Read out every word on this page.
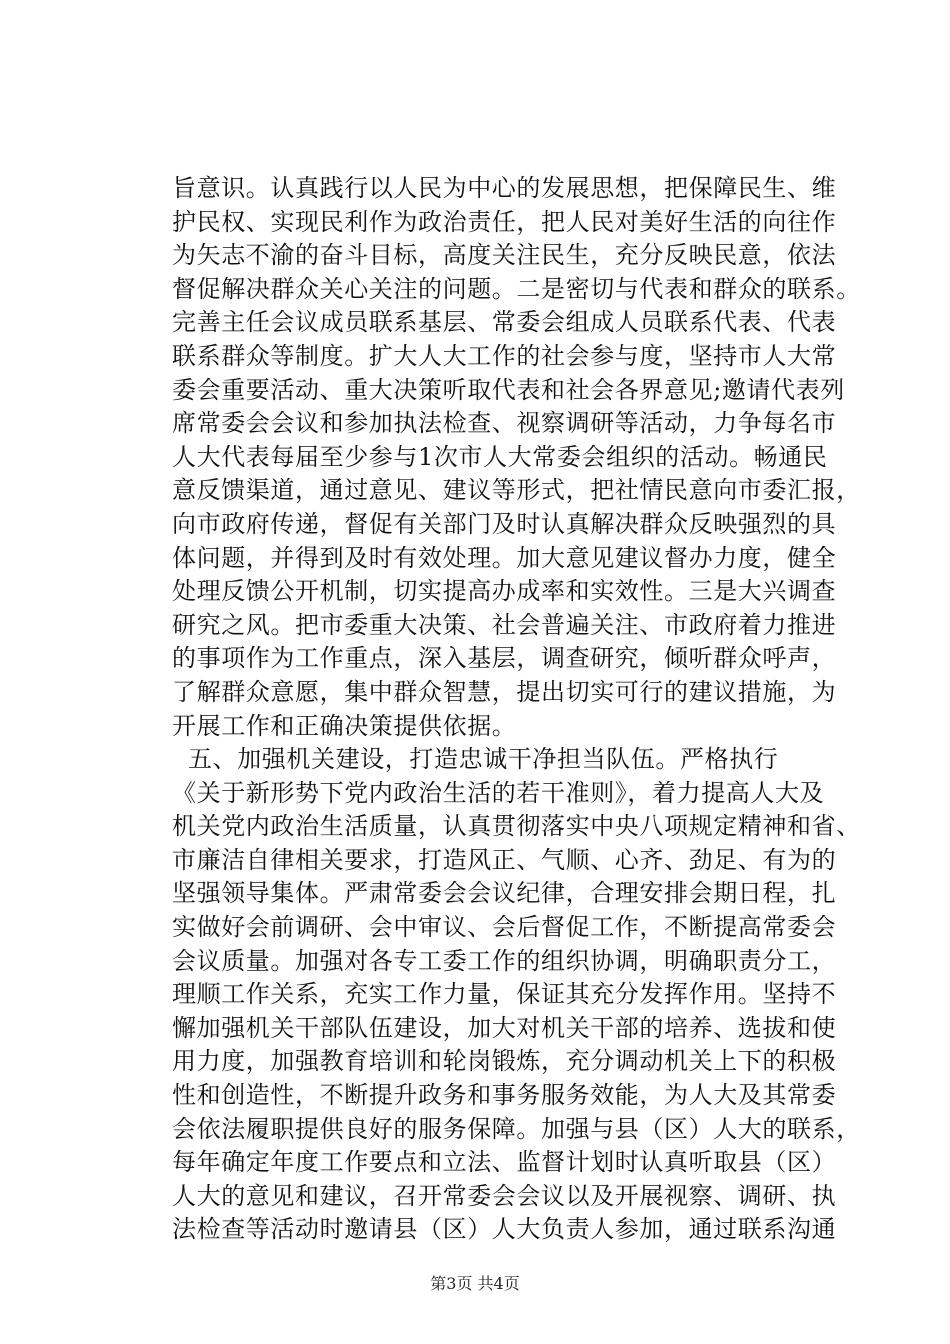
旨意识。认真践行以人民为中心的发展思想，把保障民生、维
护民权、实现民利作为政治责任，把人民对美好生活的向往作
为矢志不渝的奋斗目标，高度关注民生，充分反映民意，依法
督促解决群众关心关注的问题。二是密切与代表和群众的联系。
完善主任会议成员联系基层、常委会组成人员联系代表、代表
联系群众等制度。扩大人大工作的社会参与度，坚持市人大常
委会重要活动、重大决策听取代表和社会各界意见;邀请代表列
席常委会会议和参加执法检查、视察调研等活动，力争每名市
人大代表每届至少参与1次市人大常委会组织的活动。畅通民
意反馈渠道，通过意见、建议等形式，把社情民意向市委汇报，
向市政府传递，督促有关部门及时认真解决群众反映强烈的具
体问题，并得到及时有效处理。加大意见建议督办力度，健全
处理反馈公开机制，切实提高办成率和实效性。三是大兴调查
研究之风。把市委重大决策、社会普遍关注、市政府着力推进
的事项作为工作重点，深入基层，调查研究，倾听群众呼声，
了解群众意愿，集中群众智慧，提出切实可行的建议措施，为
开展工作和正确决策提供依据。
五、加强机关建设，打造忠诚干净担当队伍。严格执行
《关于新形势下党内政治生活的若干准则》，着力提高人大及
机关党内政治生活质量，认真贯彻落实中央八项规定精神和省、
市廉洁自律相关要求，打造风正、气顺、心齐、劲足、有为的
坚强领导集体。严肃常委会会议纪律，合理安排会期日程，扎
实做好会前调研、会中审议、会后督促工作，不断提高常委会
会议质量。加强对各专工委工作的组织协调，明确职责分工，
理顺工作关系，充实工作力量，保证其充分发挥作用。坚持不
懈加强机关干部队伍建设，加大对机关干部的培养、选拔和使
用力度，加强教育培训和轮岗锻炼，充分调动机关上下的积极
性和创造性，不断提升政务和事务服务效能，为人大及其常委
会依法履职提供良好的服务保障。加强与县（区）人大的联系，
每年确定年度工作要点和立法、监督计划时认真听取县（区）
人大的意见和建议，召开常委会会议以及开展视察、调研、执
法检查等活动时邀请县（区）人大负责人参加，通过联系沟通
第3页 共4页
